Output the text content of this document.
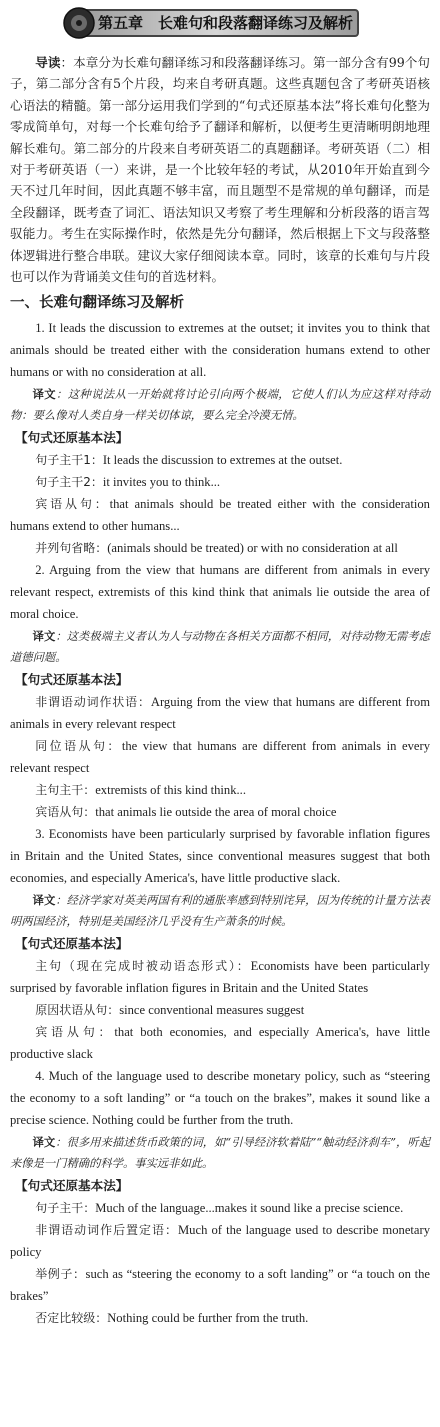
第五章　长难句和段落翻译练习及解析

导读：本章分为长难句翻译练习和段落翻译练习。第一部分含有99个句子，第二部分含有5个片段，均来自考研真题。这些真题包含了考研英语核心语法的精髓。第一部分运用我们学到的“句式还原基本法”将长难句化整为零成简单句，对每一个长难句给予了翻译和解析，以便考生更清晰明朗地理解长难句。第二部分的片段来自考研英语二的真题翻译。考研英语（二）相对于考研英语（一）来讲，是一个比较年轻的考试，从2010年开始直到今天不过几年时间，因此真题不够丰富，而且题型不是常规的单句翻译，而是全段翻译，既考查了词汇、语法知识又考察了考生理解和分析段落的语言驾驭能力。考生在实际操作时，依然是先分句翻译，然后根据上下文与段落整体逻辑进行整合串联。建议大家仔细阅读本章。同时，该章的长难句与片段也可以作为背诵美文佳句的首选材料。

一、长难句翻译练习及解析

1. It leads the discussion to extremes at the outset; it invites you to think that animals should be treated either with the consideration humans extend to other humans or with no consideration at all.

译文：这种说法从一开始就将讨论引向两个极端，它使人们认为应这样对待动物：要么像对人类自身一样关切体谅，要么完全冷漠无情。

【句式还原基本法】

句子主干1：It leads the discussion to extremes at the outset.

句子主干2：it invites you to think...

宾语从句：that animals should be treated either with the consideration humans extend to other humans...

并列句省略：(animals should be treated) or with no consideration at all

2. Arguing from the view that humans are different from animals in every relevant respect, extremists of this kind think that animals lie outside the area of moral choice.

译文：这类极端主义者认为人与动物在各相关方面都不相同，对待动物无需考虑道德问题。

【句式还原基本法】

非谓语动词作状语：Arguing from the view that humans are different from animals in every relevant respect

同位语从句：the view that humans are different from animals in every relevant respect

主句主干：extremists of this kind think...

宾语从句：that animals lie outside the area of moral choice

3. Economists have been particularly surprised by favorable inflation figures in Britain and the United States, since conventional measures suggest that both economies, and especially America's, have little productive slack.

译文：经济学家对英美两国有利的通胀率感到特别诧异，因为传统的计量方法表明两国经济，特别是美国经济几乎没有生产萧条的时候。

【句式还原基本法】

主句（现在完成时被动语态形式）：Economists have been particularly surprised by favorable inflation figures in Britain and the United States

原因状语从句：since conventional measures suggest

宾语从句：that both economies, and especially America's, have little productive slack

4. Much of the language used to describe monetary policy, such as “steering the economy to a soft landing” or “a touch on the brakes”, makes it sound like a precise science. Nothing could be further from the truth.

译文：很多用来描述货币政策的词，如“引导经济软着陆”“触动经济刹车”，听起来像是一门精确的科学。事实远非如此。

【句式还原基本法】

句子主干：Much of the language...makes it sound like a precise science.

非谓语动词作后置定语：Much of the language used to describe monetary policy

举例子：such as “steering the economy to a soft landing” or “a touch on the brakes”

否定比较级：Nothing could be further from the truth.
